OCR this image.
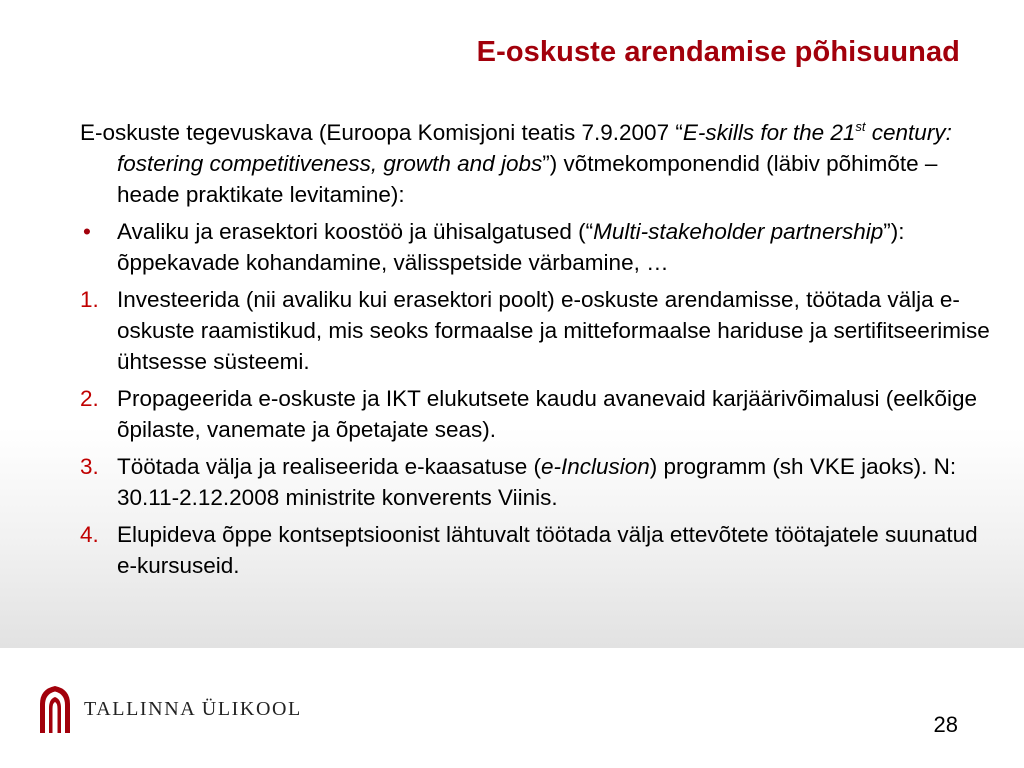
E-oskuste arendamise põhisuunad

E-oskuste tegevuskava (Euroopa Komisjoni teatis 7.9.2007 “E-skills for the 21st century: fostering competitiveness, growth and jobs”) võtmekomponendid (läbiv põhimõte – heade praktikate levitamine):

• Avaliku ja erasektori koostöö ja ühisalgatused (“Multi-stakeholder partnership”): õppekavade kohandamine, välisspetside värbamine, …
1. Investeerida (nii avaliku kui erasektori poolt) e-oskuste arendamisse, töötada välja e-oskuste raamistikud, mis seoks formaalse ja mitteformaalse hariduse ja sertifitseerimise ühtsesse süsteemi.
2. Propageerida e-oskuste ja IKT elukutsete kaudu avanevaid karjäärivõimalusi (eelkõige õpilaste, vanemate ja õpetajate seas).
3. Töötada välja ja realiseerida e-kaasatuse (e-Inclusion) programm (sh VKE jaoks). N: 30.11-2.12.2008 ministrite konverents Viinis.
4. Elupideva õppe kontseptsioonist lähtuvalt töötada välja ettevõtete töötajatele suunatud e-kursuseid.
TALLINNA ÜLIKOOL
28
